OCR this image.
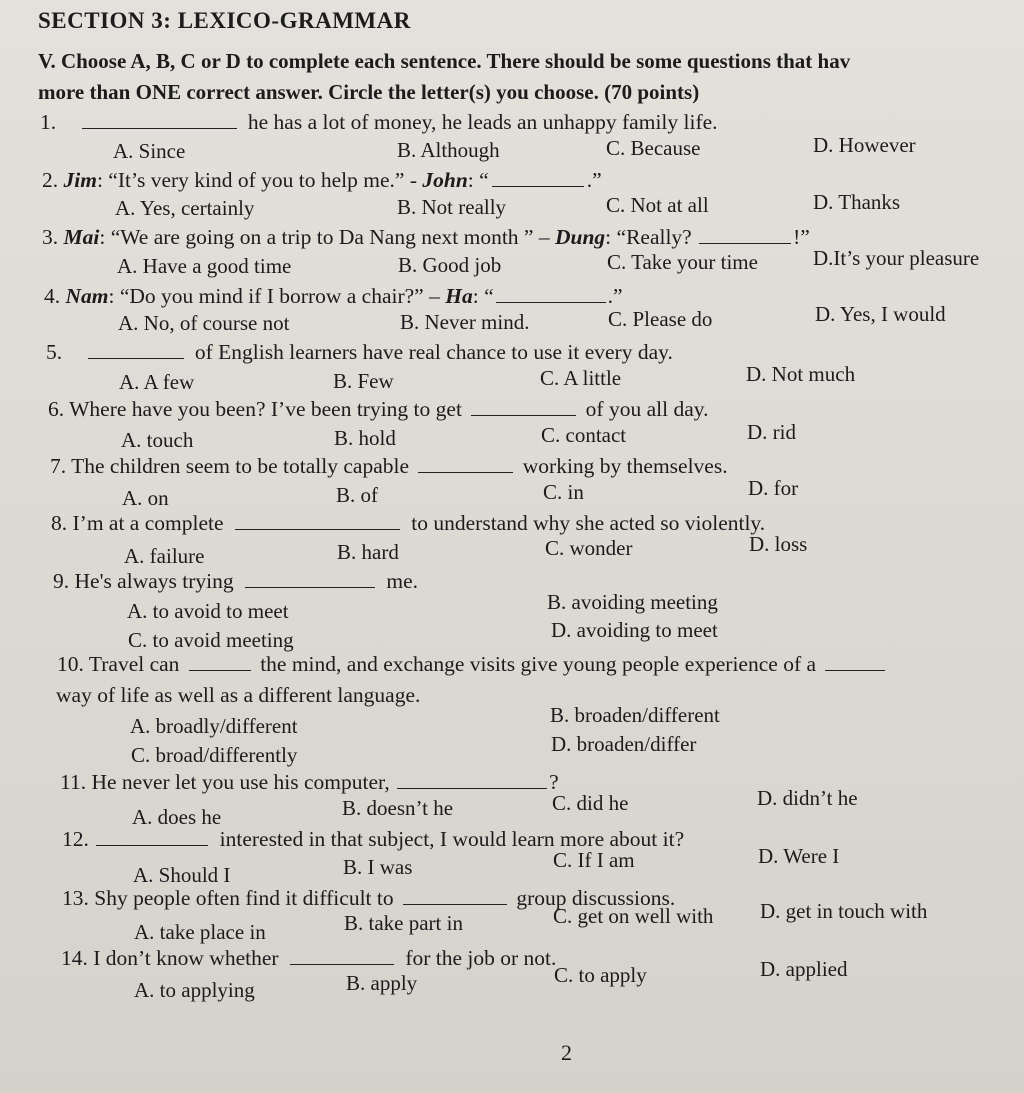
SECTION 3: LEXICO-GRAMMAR
V. Choose A, B, C or D to complete each sentence. There should be some questions that hav
more than ONE correct answer. Circle the letter(s) you choose. (70 points)
1.	he has a lot of money, he leads an unhappy family life.
A. Since	B. Although	C. Because	D. However
2. Jim: “It’s very kind of you to help me.” - John: “	.”
A. Yes, certainly	B. Not really	C. Not at all	D. Thanks
3. Mai: “We are going on a trip to Da Nang next month ” – Dung: “Really?	!”
A. Have a good time	B. Good job	C. Take your time	D.It’s your pleasure
4. Nam: “Do you mind if I borrow a chair?” – Ha: “	.”
A. No, of course not	B. Never mind.	C. Please do	D. Yes, I would
5.	of English learners have real chance to use it every day.
A. A few	B. Few	C. A little	D. Not much
6. Where have you been? I’ve been trying to get	of you all day.
A. touch	B. hold	C. contact	D. rid
7. The children seem to be totally capable	working by themselves.
A. on	B. of	C. in	D. for
8. I’m at a complete	to understand why she acted so violently.
A. failure	B. hard	C. wonder	D. loss
9. He's always trying	me.
A. to avoid to meet	B. avoiding meeting
C. to avoid meeting	D. avoiding to meet
10. Travel can	the mind, and exchange visits give young people experience of a
way of life as well as a different language.
A. broadly/different	B. broaden/different
C. broad/differently	D. broaden/differ
11. He never let you use his computer,	?
A. does he	B. doesn’t he	C. did he	D. didn’t he
12.	interested in that subject, I would learn more about it?
A. Should I	B. I was	C. If I am	D. Were I
13. Shy people often find it difficult to	group discussions.
A. take place in	B. take part in	C. get on well with D. get in touch with
14. I don’t know whether	for the job or not.
A. to applying	B. apply	C. to apply	D. applied
2
